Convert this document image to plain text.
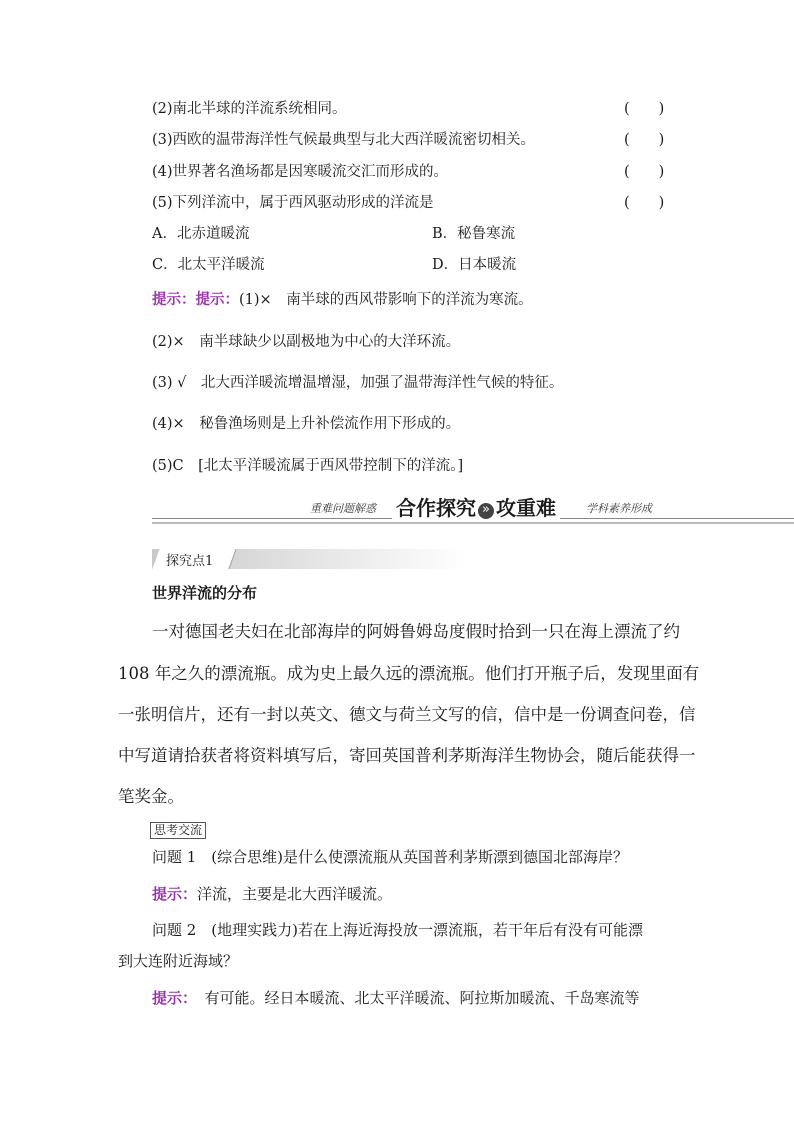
(2)南北半球的洋流系统相同。	(　　)
(3)西欧的温带海洋性气候最典型与北大西洋暖流密切相关。	(　　)
(4)世界著名渔场都是因寒暖流交汇而形成的。	(　　)
(5)下列洋流中，属于西风驱动形成的洋流是	(　　)
A．北赤道暖流	B．秘鲁寒流
C．北太平洋暖流	D．日本暖流
提示：提示：(1)×　南半球的西风带影响下的洋流为寒流。
(2)×　南半球缺少以副极地为中心的大洋环流。
(3) √　北大西洋暖流增温增湿，加强了温带海洋性气候的特征。
(4)×　秘鲁渔场则是上升补偿流作用下形成的。
(5)C　[北太平洋暖流属于西风带控制下的洋流。]
重难问题解惑 合作探究 » 攻重难	学科素养形成
探究点1
世界洋流的分布
一对德国老夫妇在北部海岸的阿姆鲁姆岛度假时拾到一只在海上漂流了约
108 年之久的漂流瓶。成为史上最久远的漂流瓶。他们打开瓶子后，发现里面有
一张明信片，还有一封以英文、德文与荷兰文写的信，信中是一份调查问卷，信
中写道请拾获者将资料填写后，寄回英国普利茅斯海洋生物协会，随后能获得一
笔奖金。
思考交流
问题 1　(综合思维)是什么使漂流瓶从英国普利茅斯漂到德国北部海岸？
提示：洋流，主要是北大西洋暖流。
问题 2　(地理实践力)若在上海近海投放一漂流瓶，若干年后有没有可能漂
到大连附近海域？
提示：　 有可能。经日本暖流、北太平洋暖流、阿拉斯加暖流、千岛寒流等
